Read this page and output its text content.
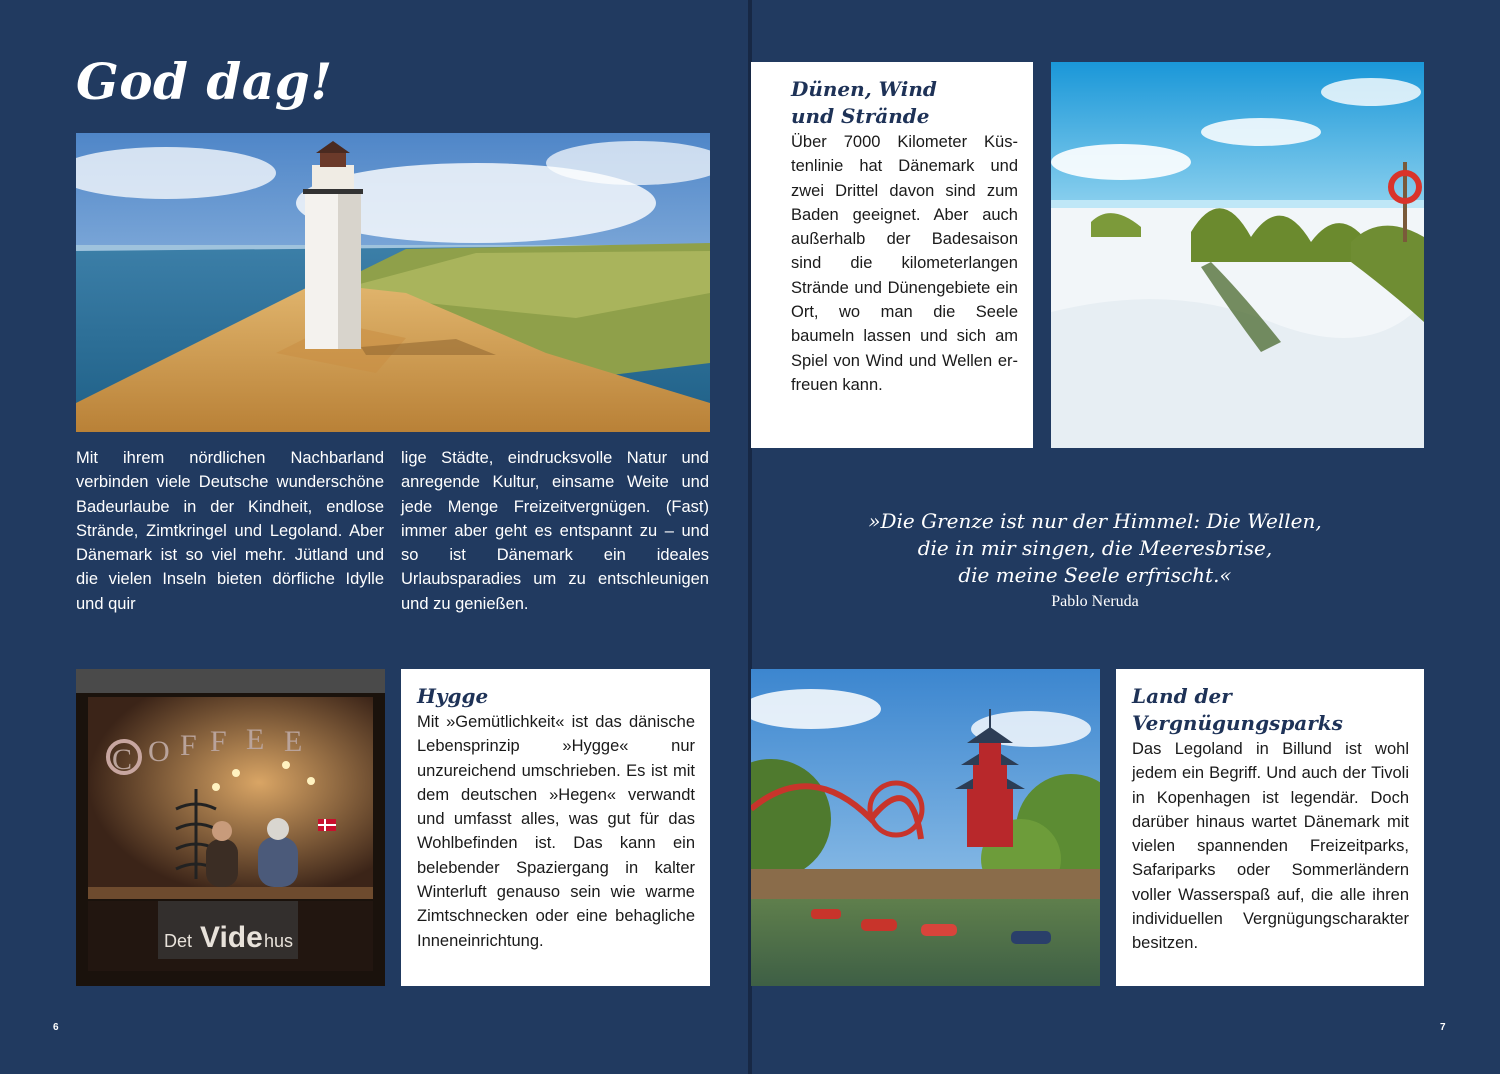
God dag!

Mit ihrem nördlichen Nachbarland verbinden viele Deutsche wunderschöne Badeurlaube in der Kindheit, endlose Strände, Zimtkringel und Legoland. Aber Dänemark ist so viel mehr. Jütland und die vielen Inseln bieten dörfliche Idylle und quir

lige Städte, eindrucksvolle Natur und anregende Kultur, einsame Weite und jede Menge Freizeitvergnügen. (Fast) immer aber geht es entspannt zu – und so ist Dänemark ein ideales Urlaubsparadies um zu entschleunigen und zu genießen.

C O F F E E
Det Vide hus
Hygge

Mit »Gemütlichkeit« ist das dänische Lebensprinzip »Hygge« nur unzureichend umschrieben. Es ist mit dem deutschen »Hegen« verwandt und umfasst alles, was gut für das Wohlbefinden ist. Das kann ein belebender Spaziergang in kalter Winterluft genauso sein wie warme Zimtschnecken oder eine behagliche Inneneinrichtung.

6
Dünen, Wind
und Strände

Über 7000 Kilometer Küstenlinie hat Dänemark und zwei Drittel davon sind zum Baden geeignet. Aber auch außerhalb der Badesaison sind die kilometerlangen Strände und Dünengebiete ein Ort, wo man die Seele baumeln lassen und sich am Spiel von Wind und Wellen erfreuen kann.

»Die Grenze ist nur der Himmel: Die Wellen,
die in mir singen, die Meeresbrise,
die meine Seele erfrischt.«
Pablo Neruda
Land der
Vergnügungsparks

Das Legoland in Billund ist wohl jedem ein Begriff. Und auch der Tivoli in Kopenhagen ist legendär. Doch darüber hinaus wartet Dänemark mit vielen spannenden Freizeitparks, Safariparks oder Sommerländern voller Wasserspaß auf, die alle ihren individuellen Vergnügungscharakter besitzen.

7
